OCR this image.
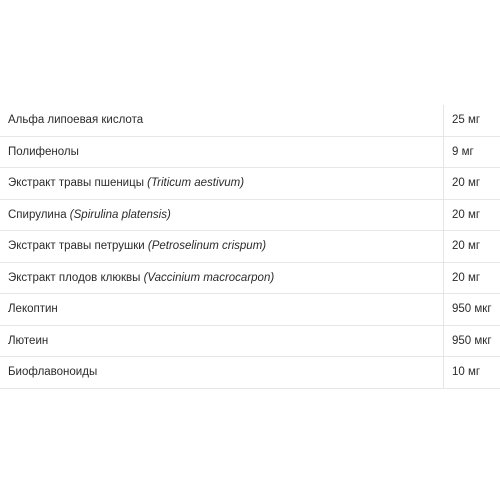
Альфа липоевая кислота	25 мг
Полифенолы	9 мг
Экстракт травы пшеницы (Triticum aestivum)	20 мг
Спирулина (Spirulina platensis)	20 мг
Экстракт травы петрушки (Petroselinum crispum)	20 мг
Экстракт плодов клюквы (Vaccinium macrocarpon)	20 мг
Лекоптин	950 мкг
Лютеин	950 мкг
Биофлавоноиды	10 мг
